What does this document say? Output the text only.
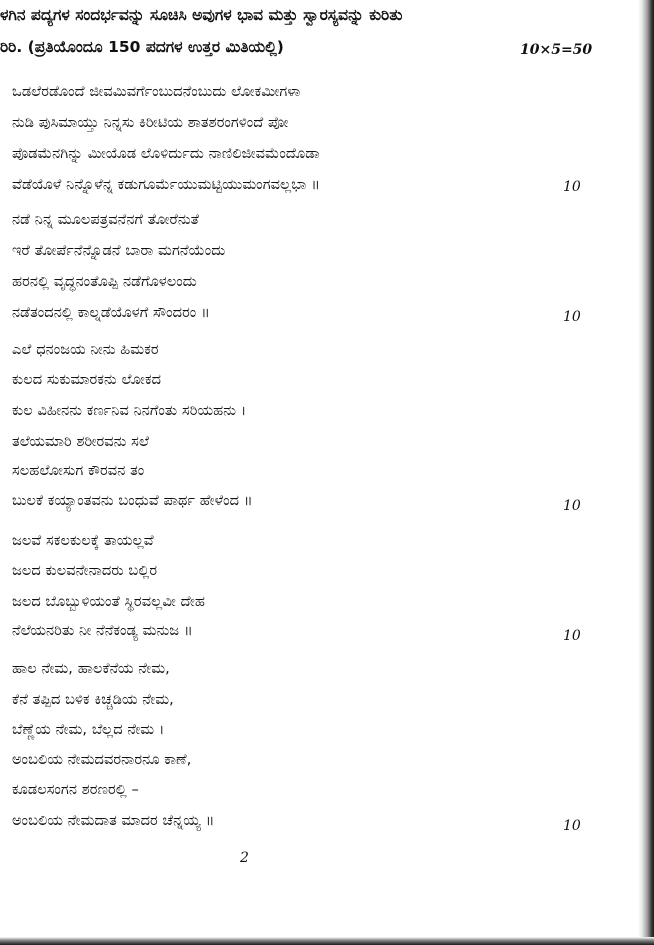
ಳಗಿನ ಪದ್ಯಗಳ ಸಂದರ್ಭವನ್ನು ಸೂಚಿಸಿ ಅವುಗಳ ಭಾವ ಮತ್ತು ಸ್ವಾರಸ್ಯವನ್ನು ಕುರಿತು
ರಿರಿ. (ಪ್ರತಿಯೊಂದೂ 150 ಪದಗಳ ಉತ್ತರ ಮಿತಿಯಲ್ಲಿ)	10×5=50
ಒಡಲೆರಡೊಂದೆ ಜೀವಮಿವರ್ಗೆಂಬುದನೆಂಬುದು ಲೋಕಮೀಗಳಾ
ನುಡಿ ಪುಸಿಮಾಯ್ತು ನಿನ್ನಸು ಕಿರೀಟಿಯ ಶಾತಶರಂಗಳಿಂದೆ ಪೋ
ಪೊಡಮೆನಗಿನ್ನು ಮೀಯೊಡ ಲೊಳಿರ್ದುದು ನಾಣಿಲಿಜೀವಮೆಂದೊಡಾ
ವೆಡೆಯೊಳೆ ನಿನ್ನೊಳೆನ್ನ ಕಡುಗೂರ್ಮೆಯುಮಟ್ಟಿಯುಮಂಗವಲ್ಲಭಾ ॥	10
ನಡೆ ನಿನ್ನ ಮೂಲಪತ್ರವನೆನಗೆ ತೋರೆನುತೆ
ಇರೆ ತೋರ್ಪೆನೆನ್ನೊಡನೆ ಬಾರಾ ಮಗನೆಯೆಂದು
ಹರನಲ್ಲಿ ವೃದ್ಧನಂತೊಪ್ಪಿ ನಡೆಗೊಳಲಂದು
ನಡೆತಂದನಲ್ಲಿ ಕಾಲ್ನಡೆಯೊಳಗೆ ಸೌಂದರಂ ॥	10
ಎಲೆ ಧನಂಜಯ ನೀನು ಹಿಮಕರ
ಕುಲದ ಸುಕುಮಾರಕನು ಲೋಕದ
ಕುಲ ವಿಹೀನನು ಕರ್ಣನಿವ ನಿನಗೆಂತು ಸರಿಯಹನು ।
ತಲೆಯಮಾರಿ ಶರೀರವನು ಸಲೆ
ಸಲಹಲೋಸುಗ ಕೌರವನ ತಂ
ಬುಲಕೆ ಕಯ್ಯಾಂತವನು ಬಂಧುವೆ ಪಾರ್ಥ ಹೇಳೆಂದ ॥	10
ಜಲವೆ ಸಕಲಕುಲಕ್ಕೆ ತಾಯಲ್ಲವೆ
ಜಲದ ಕುಲವನೇನಾದರು ಬಲ್ಲಿರ
ಜಲದ ಬೊಬ್ಬುಳಿಯಂತೆ ಸ್ಥಿರವಲ್ಲವೀ ದೇಹ
ನೆಲೆಯನರಿತು ನೀ ನೆನೆಕಂಡ್ಯ ಮನುಜ ॥	10
ಹಾಲ ನೇಮ, ಹಾಲಕೆನೆಯ ನೇಮ,
ಕೆನೆ ತಪ್ಪಿದ ಬಳಿಕ ಕಿಚ್ಚಡಿಯ ನೇಮ,
ಬೆಣ್ಣೆಯ ನೇಮ, ಬೆಲ್ಲದ ನೇಮ ।
ಅಂಬಲಿಯ ನೇಮದವರನಾರನೂ ಕಾಣೆ,
ಕೂಡಲಸಂಗನ ಶರಣರಲ್ಲಿ –
ಅಂಬಲಿಯ ನೇಮದಾತ ಮಾದರ ಚೆನ್ನಯ್ಯ ॥	10
2
